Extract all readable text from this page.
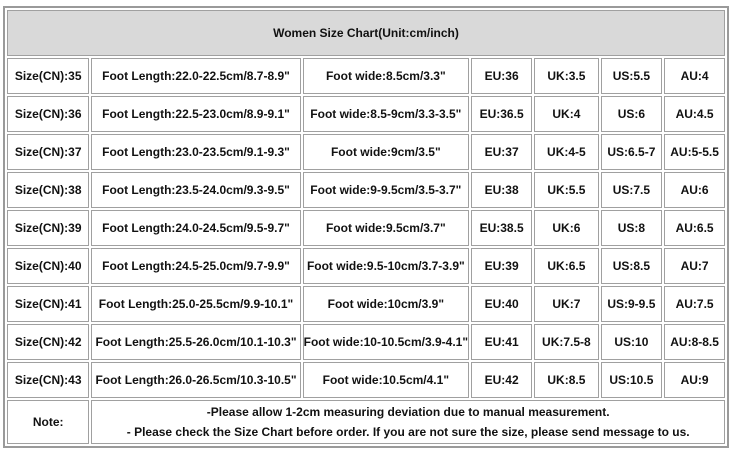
Women Size Chart(Unit:cm/inch)						
Size(CN):35	Foot Length:22.0-22.5cm/8.7-8.9"	Foot wide:8.5cm/3.3"	EU:36	UK:3.5	US:5.5	AU:4
Size(CN):36	Foot Length:22.5-23.0cm/8.9-9.1"	Foot wide:8.5-9cm/3.3-3.5"	EU:36.5	UK:4	US:6	AU:4.5
Size(CN):37	Foot Length:23.0-23.5cm/9.1-9.3"	Foot wide:9cm/3.5"	EU:37	UK:4-5	US:6.5-7	AU:5-5.5
Size(CN):38	Foot Length:23.5-24.0cm/9.3-9.5"	Foot wide:9-9.5cm/3.5-3.7"	EU:38	UK:5.5	US:7.5	AU:6
Size(CN):39	Foot Length:24.0-24.5cm/9.5-9.7"	Foot wide:9.5cm/3.7"	EU:38.5	UK:6	US:8	AU:6.5
Size(CN):40	Foot Length:24.5-25.0cm/9.7-9.9"	Foot wide:9.5-10cm/3.7-3.9"	EU:39	UK:6.5	US:8.5	AU:7
Size(CN):41	Foot Length:25.0-25.5cm/9.9-10.1"	Foot wide:10cm/3.9"	EU:40	UK:7	US:9-9.5	AU:7.5
Size(CN):42	Foot Length:25.5-26.0cm/10.1-10.3"	Foot wide:10-10.5cm/3.9-4.1"	EU:41	UK:7.5-8	US:10	AU:8-8.5
Size(CN):43	Foot Length:26.0-26.5cm/10.3-10.5"	Foot wide:10.5cm/4.1"	EU:42	UK:8.5	US:10.5	AU:9
Note:	-Please allow 1-2cm measuring deviation due to manual measurement.
- Please check the Size Chart before order. If you are not sure the size, please send message to us.					
